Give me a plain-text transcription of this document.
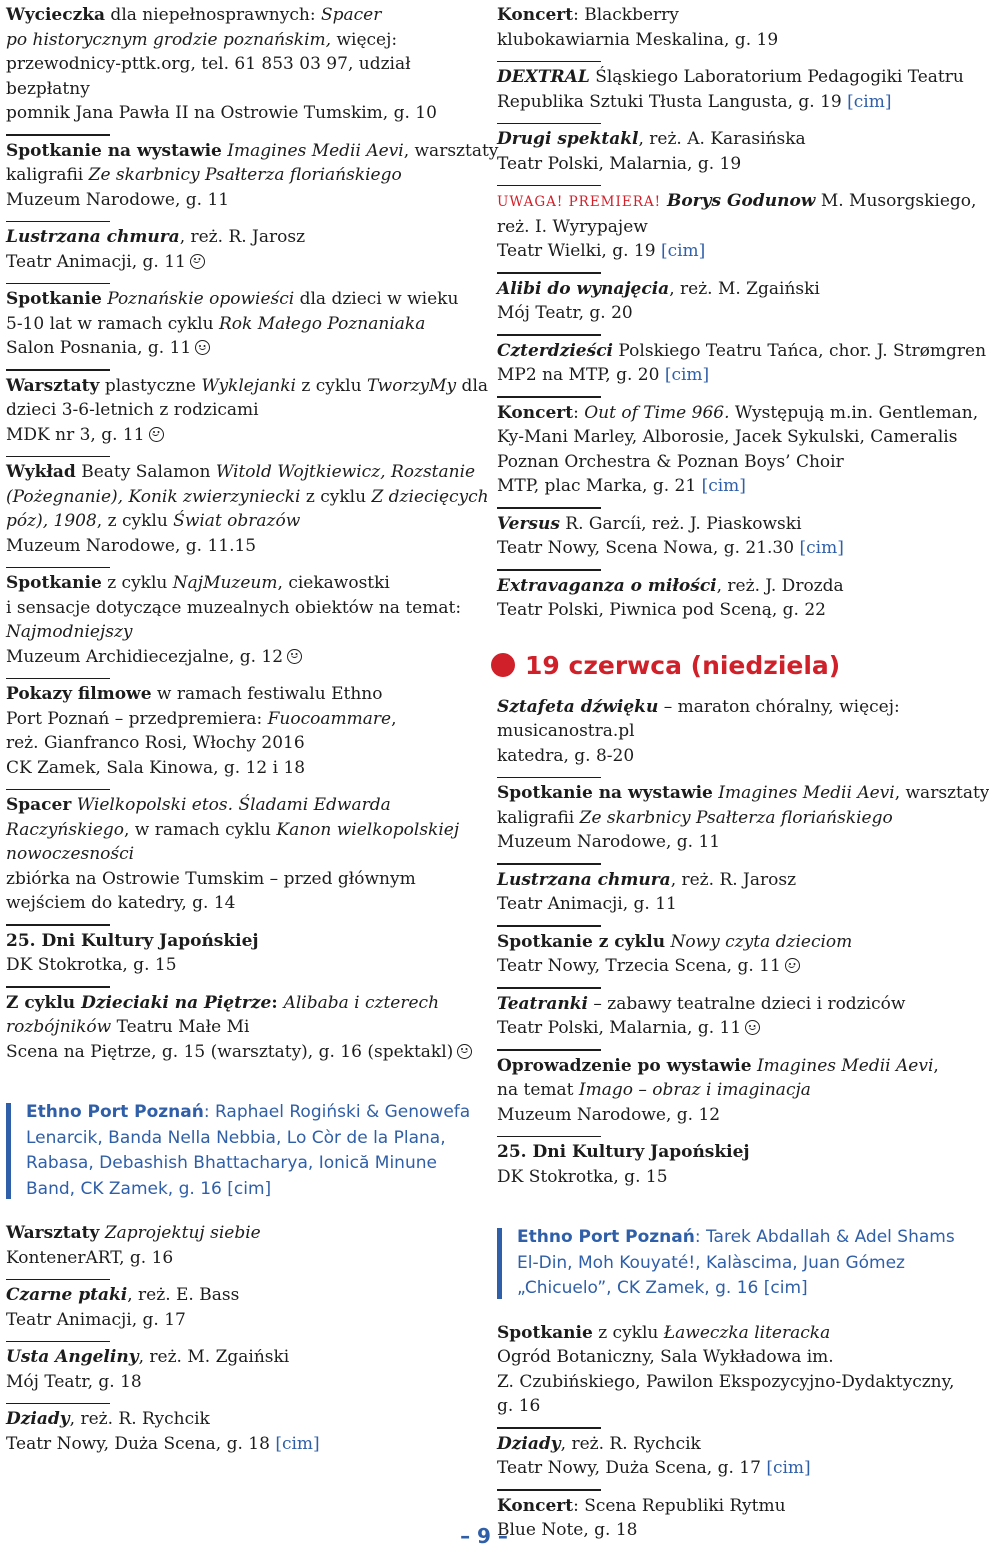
Wycieczka dla niepełnosprawnych: Spacer
po historycznym grodzie poznańskim, więcej:
przewodnicy-pttk.org, tel. 61 853 03 97, udział
bezpłatny
pomnik Jana Pawła II na Ostrowie Tumskim, g. 10
Spotkanie na wystawie Imagines Medii Aevi, warsztaty
kaligrafii Ze skarbnicy Psałterza floriańskiego
Muzeum Narodowe, g. 11
Lustrzana chmura, reż. R. Jarosz
Teatr Animacji, g. 11
Spotkanie Poznańskie opowieści dla dzieci w wieku
5-10 lat w ramach cyklu Rok Małego Poznaniaka
Salon Posnania, g. 11
Warsztaty plastyczne Wyklejanki z cyklu TworzyMy dla
dzieci 3-6-letnich z rodzicami
MDK nr 3, g. 11
Wykład Beaty Salamon Witold Wojtkiewicz, Rozstanie
(Pożegnanie), Konik zwierzyniecki z cyklu Z dziecięcych
póz), 1908, z cyklu Świat obrazów
Muzeum Narodowe, g. 11.15
Spotkanie z cyklu NajMuzeum, ciekawostki
i sensacje dotyczące muzealnych obiektów na temat:
Najmodniejszy
Muzeum Archidiecezjalne, g. 12
Pokazy filmowe w ramach festiwalu Ethno
Port Poznań – przedpremiera: Fuocoammare,
reż. Gianfranco Rosi, Włochy 2016
CK Zamek, Sala Kinowa, g. 12 i 18
Spacer Wielkopolski etos. Śladami Edwarda
Raczyńskiego, w ramach cyklu Kanon wielkopolskiej
nowoczesności
zbiórka na Ostrowie Tumskim – przed głównym
wejściem do katedry, g. 14
25. Dni Kultury Japońskiej
DK Stokrotka, g. 15
Z cyklu Dzieciaki na Piętrze: Alibaba i czterech
rozbójników Teatru Małe Mi
Scena na Piętrze, g. 15 (warsztaty), g. 16 (spektakl)
Ethno Port Poznań: Raphael Rogiński & Genowefa
Lenarcik, Banda Nella Nebbia, Lo Còr de la Plana,
Rabasa, Debashish Bhattacharya, Ionică Minune
Band, CK Zamek, g. 16 [cim]
Warsztaty Zaprojektuj siebie
KontenerART, g. 16
Czarne ptaki, reż. E. Bass
Teatr Animacji, g. 17
Usta Angeliny, reż. M. Zgaiński
Mój Teatr, g. 18
Dziady, reż. R. Rychcik
Teatr Nowy, Duża Scena, g. 18 [cim]
Koncert: Blackberry
klubokawiarnia Meskalina, g. 19
DEXTRAL Śląskiego Laboratorium Pedagogiki Teatru
Republika Sztuki Tłusta Langusta, g. 19 [cim]
Drugi spektakl, reż. A. Karasińska
Teatr Polski, Malarnia, g. 19
UWAGA! PREMIERA! Borys Godunow M. Musorgskiego,
reż. I. Wyrypajew
Teatr Wielki, g. 19 [cim]
Alibi do wynajęcia, reż. M. Zgaiński
Mój Teatr, g. 20
Czterdzieści Polskiego Teatru Tańca, chor. J. Strømgren
MP2 na MTP, g. 20 [cim]
Koncert: Out of Time 966. Występują m.in. Gentleman,
Ky-Mani Marley, Alborosie, Jacek Sykulski, Cameralis
Poznan Orchestra & Poznan Boys’ Choir
MTP, plac Marka, g. 21 [cim]
Versus R. Garcíi, reż. J. Piaskowski
Teatr Nowy, Scena Nowa, g. 21.30 [cim]
Extravaganza o miłości, reż. J. Drozda
Teatr Polski, Piwnica pod Sceną, g. 22
19 czerwca (niedziela)
Sztafeta dźwięku – maraton chóralny, więcej:
musicanostra.pl
katedra, g. 8-20
Spotkanie na wystawie Imagines Medii Aevi, warsztaty
kaligrafii Ze skarbnicy Psałterza floriańskiego
Muzeum Narodowe, g. 11
Lustrzana chmura, reż. R. Jarosz
Teatr Animacji, g. 11
Spotkanie z cyklu Nowy czyta dzieciom
Teatr Nowy, Trzecia Scena, g. 11
Teatranki – zabawy teatralne dzieci i rodziców
Teatr Polski, Malarnia, g. 11
Oprowadzenie po wystawie Imagines Medii Aevi,
na temat Imago – obraz i imaginacja
Muzeum Narodowe, g. 12
25. Dni Kultury Japońskiej
DK Stokrotka, g. 15
Ethno Port Poznań: Tarek Abdallah & Adel Shams
El-Din, Moh Kouyaté!, Kalàscima, Juan Gómez
„Chicuelo”, CK Zamek, g. 16 [cim]
Spotkanie z cyklu Ławeczka literacka
Ogród Botaniczny, Sala Wykładowa im.
Z. Czubińskiego, Pawilon Ekspozycyjno-Dydaktyczny,
g. 16
Dziady, reż. R. Rychcik
Teatr Nowy, Duża Scena, g. 17 [cim]
Koncert: Scena Republiki Rytmu
Blue Note, g. 18
– 9 –
